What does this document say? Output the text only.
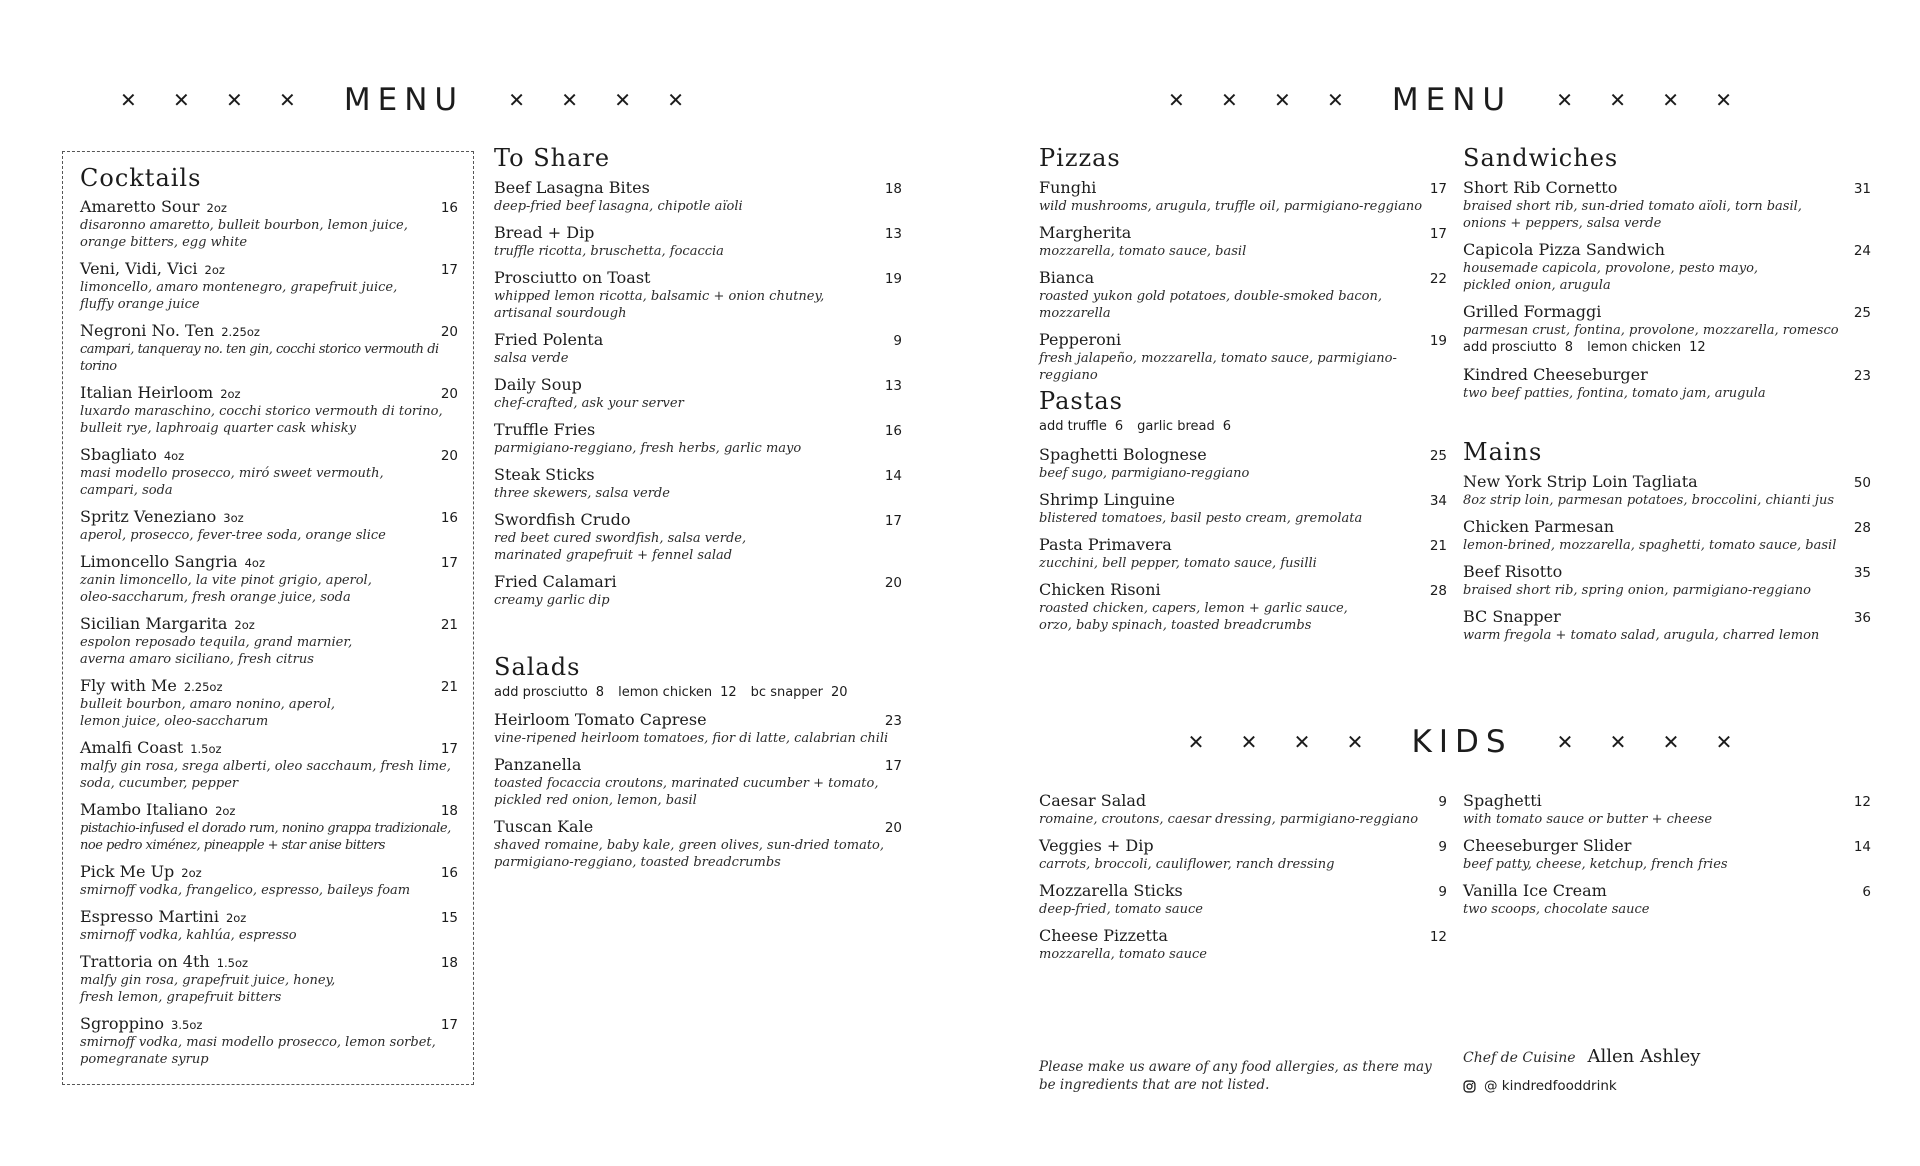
✕	✕	✕	✕	MENU	✕	✕	✕	✕	✕	✕	✕	✕	MENU	✕	✕	✕	✕
✕	✕	✕	✕	KIDS	✕	✕	✕	✕
Cocktails
Amaretto Sour 2oz	16
disaronno amaretto, bulleit bourbon, lemon juice,
orange bitters, egg white
Veni, Vidi, Vici 2oz	17
limoncello, amaro montenegro, grapefruit juice,
fluffy orange juice
Negroni No. Ten 2.25oz	20
campari, tanqueray no. ten gin, cocchi storico vermouth di torino
Italian Heirloom 2oz	20
luxardo maraschino, cocchi storico vermouth di torino,
bulleit rye, laphroaig quarter cask whisky
Sbagliato 4oz	20
masi modello prosecco, miró sweet vermouth,
campari, soda
Spritz Veneziano 3oz	16
aperol, prosecco, fever-tree soda, orange slice
Limoncello Sangria 4oz	17
zanin limoncello, la vite pinot grigio, aperol,
oleo-saccharum, fresh orange juice, soda
Sicilian Margarita 2oz	21
espolon reposado tequila, grand marnier,
averna amaro siciliano, fresh citrus
Fly with Me 2.25oz	21
bulleit bourbon, amaro nonino, aperol,
lemon juice, oleo-saccharum
Amalfi Coast 1.5oz	17
malfy gin rosa, srega alberti, oleo sacchaum, fresh lime,
soda, cucumber, pepper
Mambo Italiano 2oz	18
pistachio-infused el dorado rum, nonino grappa tradizionale,
noe pedro ximénez, pineapple + star anise bitters
Pick Me Up 2oz	16
smirnoff vodka, frangelico, espresso, baileys foam
Espresso Martini 2oz	15
smirnoff vodka, kahlúa, espresso
Trattoria on 4th 1.5oz	18
malfy gin rosa, grapefruit juice, honey,
fresh lemon, grapefruit bitters
Sgroppino 3.5oz	17
smirnoff vodka, masi modello prosecco, lemon sorbet,
pomegranate syrup
To Share
Beef Lasagna Bites	18
deep-fried beef lasagna, chipotle aïoli
Bread + Dip	13
truffle ricotta, bruschetta, focaccia
Prosciutto on Toast	19
whipped lemon ricotta, balsamic + onion chutney,
artisanal sourdough
Fried Polenta	9
salsa verde
Daily Soup	13
chef-crafted, ask your server
Truffle Fries	16
parmigiano-reggiano, fresh herbs, garlic mayo
Steak Sticks	14
three skewers, salsa verde
Swordfish Crudo	17
red beet cured swordfish, salsa verde,
marinated grapefruit + fennel salad
Fried Calamari	20
creamy garlic dip
Salads
add prosciutto 8 lemon chicken 12 bc snapper 20
Heirloom Tomato Caprese	23
vine-ripened heirloom tomatoes, fior di latte, calabrian chili
Panzanella	17
toasted focaccia croutons, marinated cucumber + tomato,
pickled red onion, lemon, basil
Tuscan Kale	20
shaved romaine, baby kale, green olives, sun-dried tomato,
parmigiano-reggiano, toasted breadcrumbs
Pizzas
Funghi	17
wild mushrooms, arugula, truffle oil, parmigiano-reggiano
Margherita	17
mozzarella, tomato sauce, basil
Bianca	22
roasted yukon gold potatoes, double-smoked bacon, mozzarella
Pepperoni	19
fresh jalapeño, mozzarella, tomato sauce, parmigiano-reggiano
Pastas
add truffle 6 garlic bread 6
Spaghetti Bolognese	25
beef sugo, parmigiano-reggiano
Shrimp Linguine	34
blistered tomatoes, basil pesto cream, gremolata
Pasta Primavera	21
zucchini, bell pepper, tomato sauce, fusilli
Chicken Risoni	28
roasted chicken, capers, lemon + garlic sauce,
orzo, baby spinach, toasted breadcrumbs
Sandwiches
Short Rib Cornetto	31
braised short rib, sun-dried tomato aïoli, torn basil,
onions + peppers, salsa verde
Capicola Pizza Sandwich	24
housemade capicola, provolone, pesto mayo,
pickled onion, arugula
Grilled Formaggi	25
parmesan crust, fontina, provolone, mozzarella, romesco
add prosciutto 8 lemon chicken 12
Kindred Cheeseburger	23
two beef patties, fontina, tomato jam, arugula
Mains
New York Strip Loin Tagliata	50
8oz strip loin, parmesan potatoes, broccolini, chianti jus
Chicken Parmesan	28
lemon-brined, mozzarella, spaghetti, tomato sauce, basil
Beef Risotto	35
braised short rib, spring onion, parmigiano-reggiano
BC Snapper	36
warm fregola + tomato salad, arugula, charred lemon
Caesar Salad	9
romaine, croutons, caesar dressing, parmigiano-reggiano
Veggies + Dip	9
carrots, broccoli, cauliflower, ranch dressing
Mozzarella Sticks	9
deep-fried, tomato sauce
Cheese Pizzetta	12
mozzarella, tomato sauce
Spaghetti	12
with tomato sauce or butter + cheese
Cheeseburger Slider	14
beef patty, cheese, ketchup, french fries
Vanilla Ice Cream	6
two scoops, chocolate sauce
Please make us aware of any food allergies, as there may be ingredients that are not listed.
Chef de Cuisine Allen Ashley
@ kindredfooddrink
